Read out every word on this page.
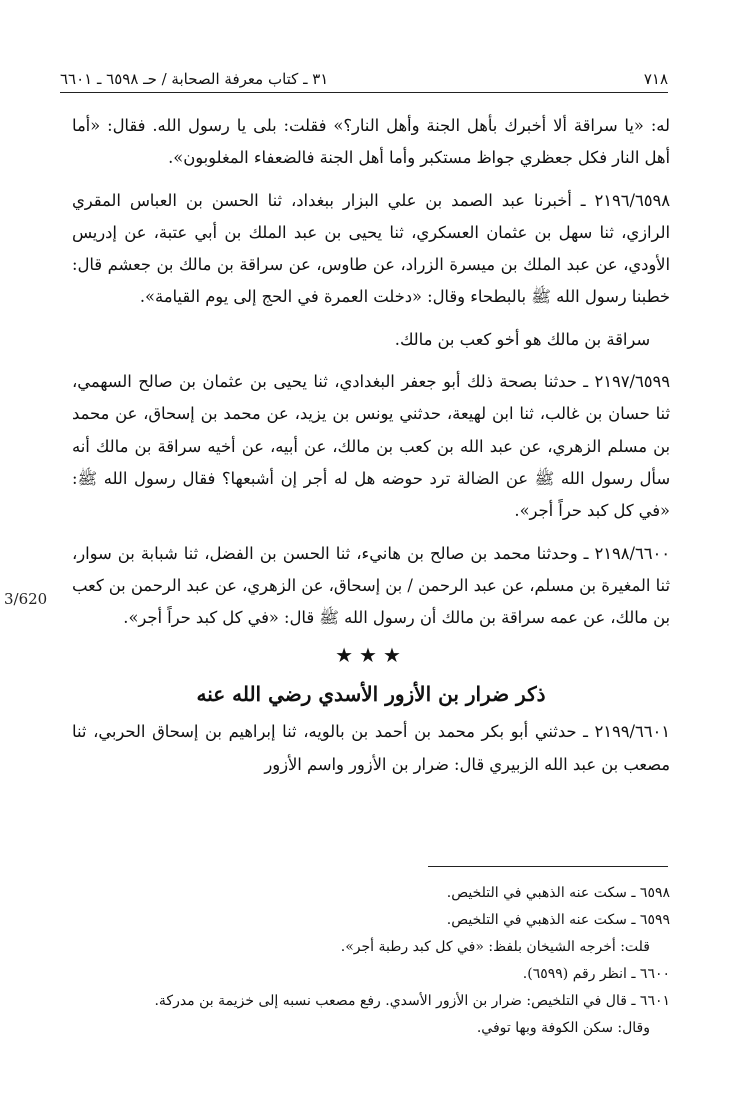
٧١٨
٣١ ـ كتاب معرفة الصحابة / حـ ٦٥٩٨ ـ ٦٦٠١

له: «يا سراقة ألا أخبرك بأهل الجنة وأهل النار؟» فقلت: بلى يا رسول الله. فقال: «أما أهل النار فكل جعظري جواظ مستكبر وأما أهل الجنة فالضعفاء المغلوبون».

٢١٩٦/٦٥٩٨ ـ أخبرنا عبد الصمد بن علي البزار ببغداد، ثنا الحسن بن العباس المقري الرازي، ثنا سهل بن عثمان العسكري، ثنا يحيى بن عبد الملك بن أبي عتبة، عن إدريس الأودي، عن عبد الملك بن ميسرة الزراد، عن طاوس، عن سراقة بن مالك بن جعشم قال: خطبنا رسول الله ﷺ بالبطحاء وقال: «دخلت العمرة في الحج إلى يوم القيامة».

سراقة بن مالك هو أخو كعب بن مالك.

٢١٩٧/٦٥٩٩ ـ حدثنا بصحة ذلك أبو جعفر البغدادي، ثنا يحيى بن عثمان بن صالح السهمي، ثنا حسان بن غالب، ثنا ابن لهيعة، حدثني يونس بن يزيد، عن محمد بن إسحاق، عن محمد بن مسلم الزهري، عن عبد الله بن كعب بن مالك، عن أبيه، عن أخيه سراقة بن مالك أنه سأل رسول الله ﷺ عن الضالة ترد حوضه هل له أجر إن أشبعها؟ فقال رسول الله ﷺ: «في كل كبد حراً أجر».

٢١٩٨/٦٦٠٠ ـ وحدثنا محمد بن صالح بن هانيء، ثنا الحسن بن الفضل، ثنا شبابة بن سوار، ثنا المغيرة بن مسلم، عن عبد الرحمن / بن إسحاق، عن الزهري، عن عبد الرحمن بن كعب بن مالك، عن عمه سراقة بن مالك أن رسول الله ﷺ قال: «في كل كبد حراً أجر».

★★★
ذكر ضرار بن الأزور الأسدي رضي الله عنه

٢١٩٩/٦٦٠١ ـ حدثني أبو بكر محمد بن أحمد بن بالويه، ثنا إبراهيم بن إسحاق الحربي، ثنا مصعب بن عبد الله الزبيري قال: ضرار بن الأزور واسم الأزور

3/620

٦٥٩٨ ـ سكت عنه الذهبي في التلخيص.

٦٥٩٩ ـ سكت عنه الذهبي في التلخيص.

قلت: أخرجه الشيخان بلفظ: «في كل كبد رطبة أجر».

٦٦٠٠ ـ انظر رقم (٦٥٩٩).

٦٦٠١ ـ قال في التلخيص: ضرار بن الأزور الأسدي. رفع مصعب نسبه إلى خزيمة بن مدركة.

وقال: سكن الكوفة وبها توفي.
